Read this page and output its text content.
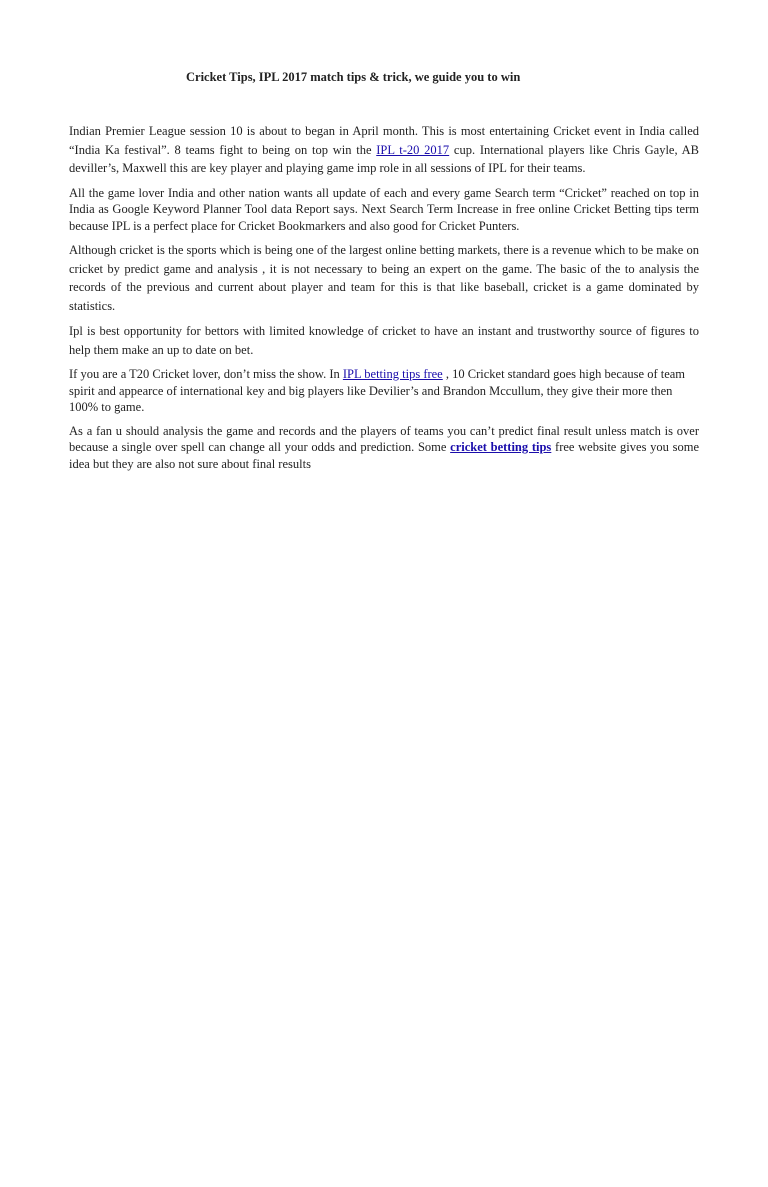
Cricket Tips, IPL 2017 match tips & trick, we guide you to win

Indian Premier League session 10 is about to began in April month. This is most entertaining Cricket event in India called “India Ka festival”. 8 teams fight to being on top win the IPL t-20 2017 cup. International players like Chris Gayle, AB deviller’s, Maxwell this are key player and playing game imp role in all sessions of IPL for their teams.

All the game lover India and other nation wants all update of each and every game Search term “Cricket” reached on top in India as Google Keyword Planner Tool data Report says. Next Search Term Increase in free online Cricket Betting tips term because IPL is a perfect place for Cricket Bookmarkers and also good for Cricket Punters.

Although cricket is the sports which is being one of the largest online betting markets, there is a revenue which to be make on cricket by predict game and analysis , it is not necessary to being an expert on the game. The basic of the to analysis the records of the previous and current about player and team for this is that like baseball, cricket is a game dominated by statistics.

Ipl is best opportunity for bettors with limited knowledge of cricket to have an instant and trustworthy source of figures to help them make an up to date on bet.

If you are a T20 Cricket lover, don’t miss the show. In IPL betting tips free , 10 Cricket standard goes high because of team spirit and appearce of international key and big players like Devilier’s and Brandon Mccullum, they give their more then 100% to game.

As a fan u should analysis the game and records and the players of teams you can’t predict final result unless match is over because a single over spell can change all your odds and prediction. Some cricket betting tips free website gives you some idea but they are also not sure about final results
